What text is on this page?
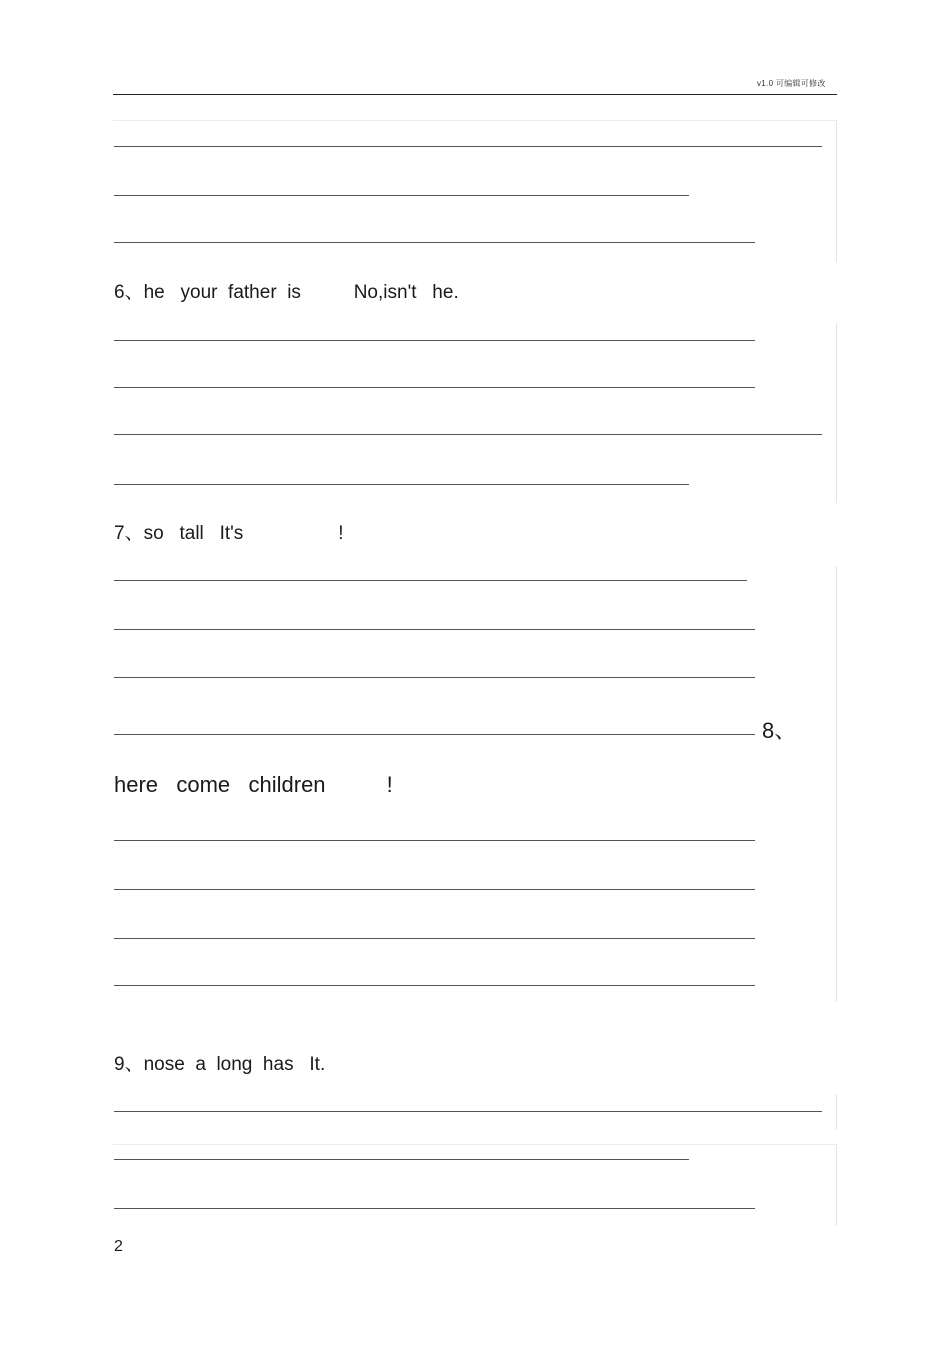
v1.0 可编辑可修改
6、he   your  father  is          No,isn't   he.
7、so   tall   It's                  !
8、
here   come   children          !
9、nose  a  long  has   It.
2
